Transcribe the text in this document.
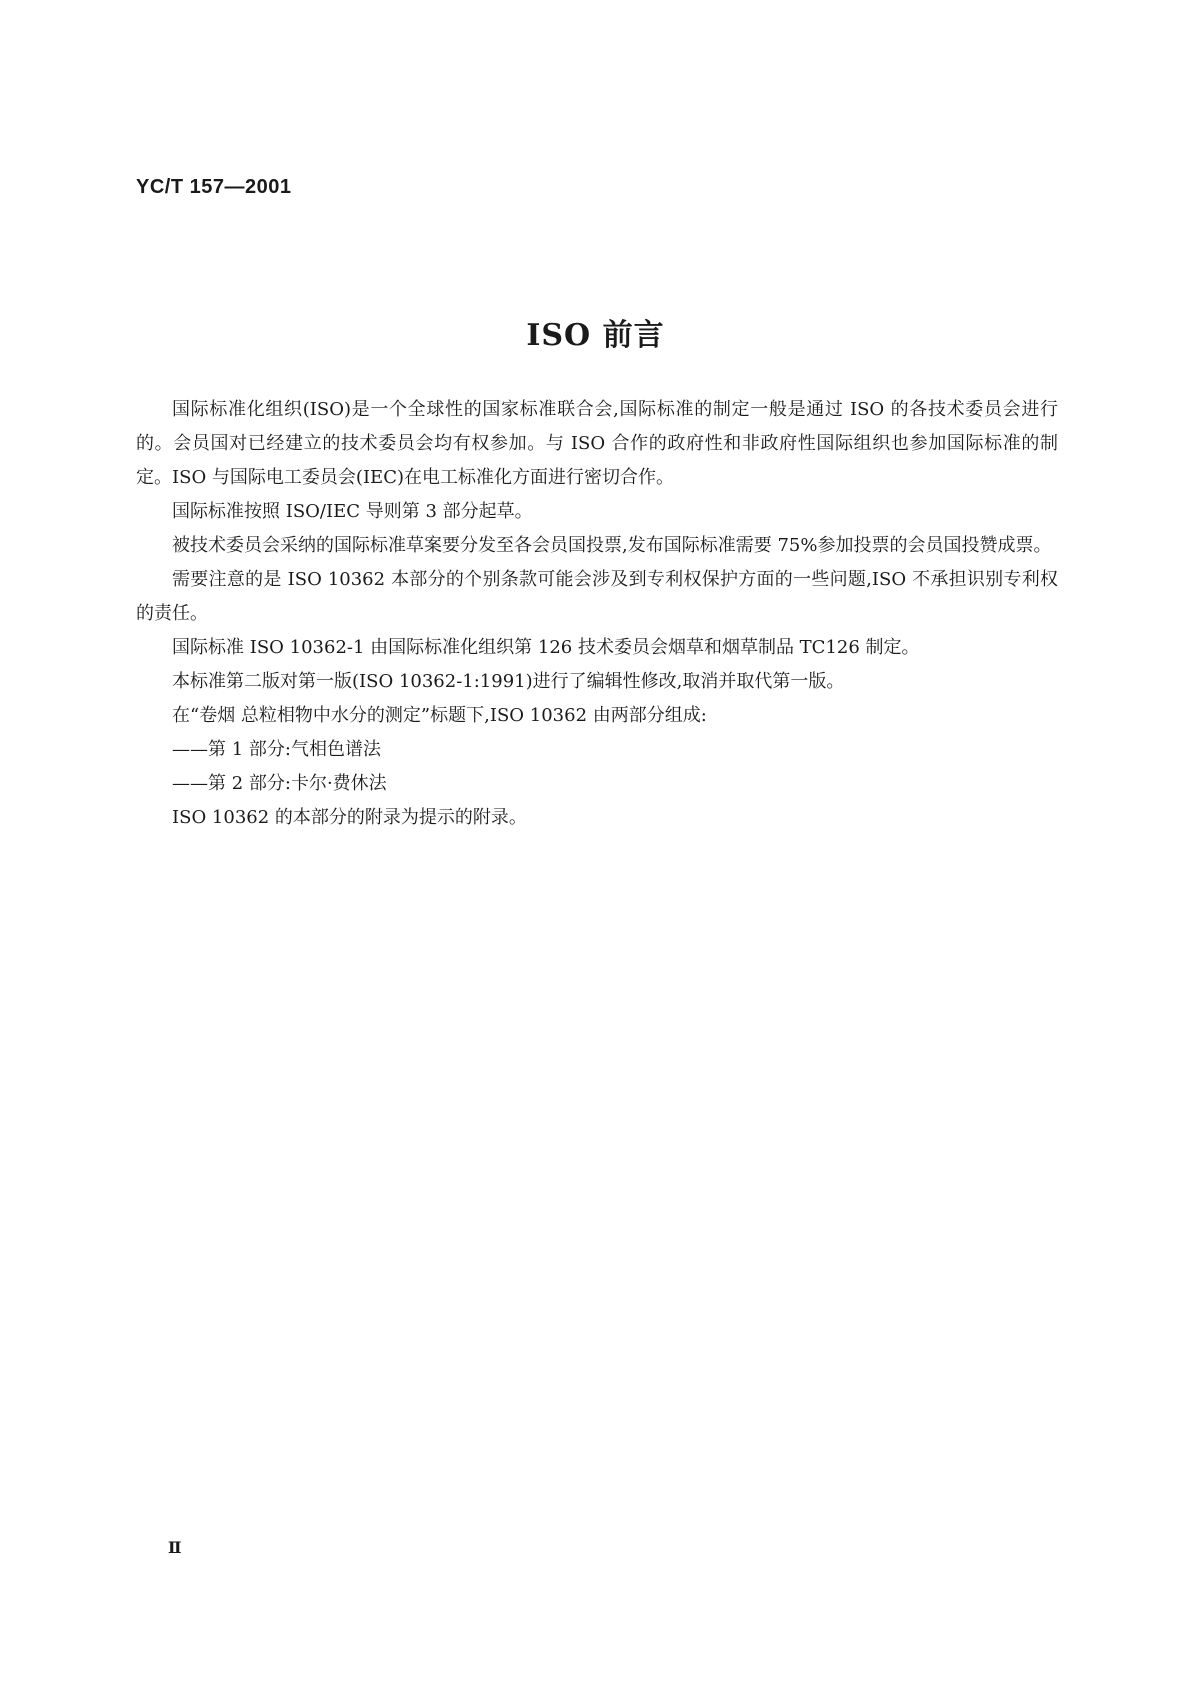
YC/T 157—2001
ISO 前言

国际标准化组织(ISO)是一个全球性的国家标准联合会,国际标准的制定一般是通过 ISO 的各技术委员会进行的。会员国对已经建立的技术委员会均有权参加。与 ISO 合作的政府性和非政府性国际组织也参加国际标准的制定。ISO 与国际电工委员会(IEC)在电工标准化方面进行密切合作。

国际标准按照 ISO/IEC 导则第 3 部分起草。

被技术委员会采纳的国际标准草案要分发至各会员国投票,发布国际标准需要 75%参加投票的会员国投赞成票。

需要注意的是 ISO 10362 本部分的个别条款可能会涉及到专利权保护方面的一些问题,ISO 不承担识别专利权的责任。

国际标准 ISO 10362-1 由国际标准化组织第 126 技术委员会烟草和烟草制品 TC126 制定。

本标准第二版对第一版(ISO 10362-1:1991)进行了编辑性修改,取消并取代第一版。

在“卷烟 总粒相物中水分的测定”标题下,ISO 10362 由两部分组成:

——第 1 部分:气相色谱法

——第 2 部分:卡尔·费休法

ISO 10362 的本部分的附录为提示的附录。

Ⅱ
